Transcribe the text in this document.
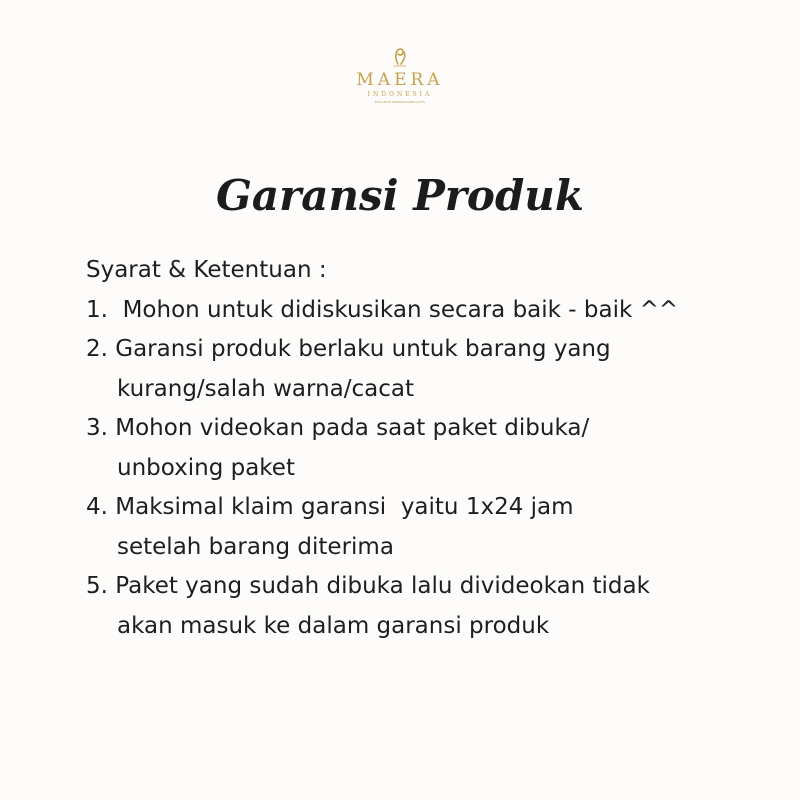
MAERA
INDONESIA
EXCLUSIVE PERSONALIZED GIFTS
Garansi Produk

Syarat & Ketentuan :

1. Mohon untuk didiskusikan secara baik - baik ^^
2. Garansi produk berlaku untuk barang yang
kurang/salah warna/cacat
3. Mohon videokan pada saat paket dibuka/
unboxing paket
4. Maksimal klaim garansi  yaitu 1x24 jam
setelah barang diterima
5. Paket yang sudah dibuka lalu divideokan tidak
akan masuk ke dalam garansi produk
